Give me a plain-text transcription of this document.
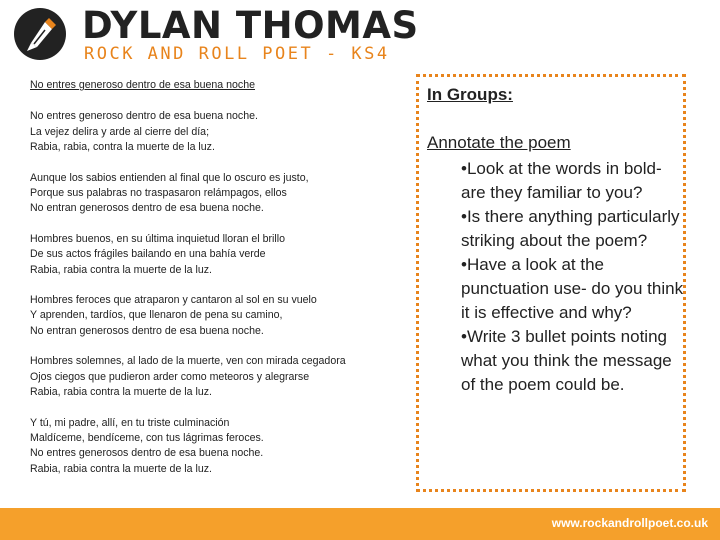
DYLAN THOMAS
ROCK AND ROLL POET - KS4

No entres generoso dentro de esa buena noche

No entres generoso dentro de esa buena noche.
La vejez delira y arde al cierre del día;
Rabia, rabia, contra la muerte de la luz.
Aunque los sabios entienden al final que lo oscuro es justo,
Porque sus palabras no traspasaron relámpagos, ellos
No entran generosos dentro de esa buena noche.
Hombres buenos, en su última inquietud lloran el brillo
De sus actos frágiles bailando en una bahía verde
Rabia, rabia contra la muerte de la luz.
Hombres feroces que atraparon y cantaron al sol en su vuelo
Y aprenden, tardíos, que llenaron de pena su camino,
No entran generosos dentro de esa buena noche.
Hombres solemnes, al lado de la muerte, ven con mirada cegadora
Ojos ciegos que pudieron arder como meteoros y alegrarse
Rabia, rabia contra la muerte de la luz.
Y tú, mi padre, allí, en tu triste culminación
Maldíceme, bendíceme, con tus lágrimas feroces.
No entres generosos dentro de esa buena noche.
Rabia, rabia contra la muerte de la luz.

In Groups:

Annotate the poem

•Look at the words in bold- are they familiar to you?
•Is there anything particularly striking about the poem?
•Have a look at the punctuation use- do you think it is effective and why?
•Write 3 bullet points noting what you think the message of the poem could be.
www.rockandrollpoet.co.uk
